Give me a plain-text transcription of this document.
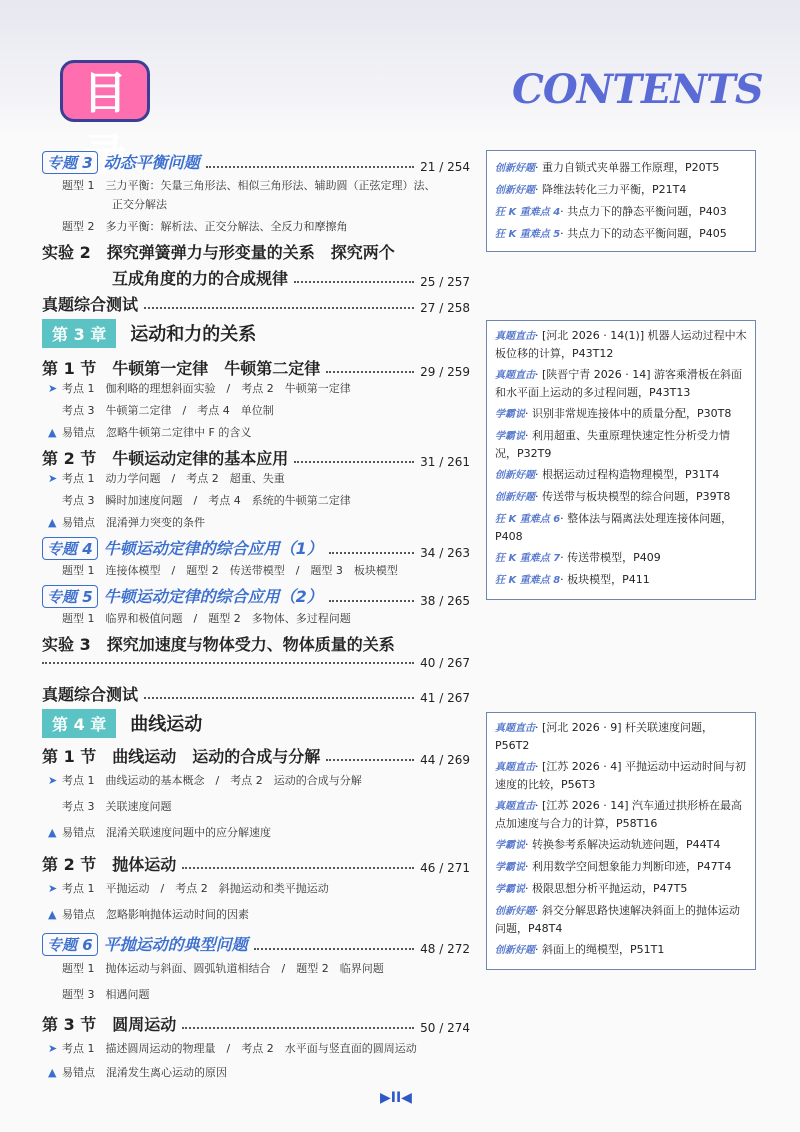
目录
CONTENTS
专题 3 动态平衡问题	21 / 254
题型 1　三力平衡：矢量三角形法、相似三角形法、辅助圆（正弦定理）法、
正交分解法
题型 2　多力平衡：解析法、正交分解法、全反力和摩擦角
实验 2　探究弹簧弹力与形变量的关系　探究两个
互成角度的力的合成规律	25 / 257
真题综合测试	27 / 258
第 3 章	运动和力的关系
第 1 节　牛顿第一定律　牛顿第二定律	29 / 259
➤ 考点 1　伽利略的理想斜面实验　/　考点 2　牛顿第一定律
考点 3　牛顿第二定律　/　考点 4　单位制
▲ 易错点　忽略牛顿第二定律中 F 的含义
第 2 节　牛顿运动定律的基本应用	31 / 261
➤ 考点 1　动力学问题　/　考点 2　超重、失重
考点 3　瞬时加速度问题　/　考点 4　系统的牛顿第二定律
▲ 易错点　混淆弹力突变的条件
专题 4 牛顿运动定律的综合应用（1）	34 / 263
题型 1　连接体模型　/　题型 2　传送带模型　/　题型 3　板块模型
专题 5 牛顿运动定律的综合应用（2）	38 / 265
题型 1　临界和极值问题　/　题型 2　多物体、多过程问题
实验 3　探究加速度与物体受力、物体质量的关系
40 / 267
真题综合测试	41 / 267
第 4 章	曲线运动
第 1 节　曲线运动　运动的合成与分解	44 / 269
➤ 考点 1　曲线运动的基本概念　/　考点 2　运动的合成与分解
考点 3　关联速度问题
▲ 易错点　混淆关联速度问题中的应分解速度
第 2 节　抛体运动	46 / 271
➤ 考点 1　平抛运动　/　考点 2　斜抛运动和类平抛运动
▲ 易错点　忽略影响抛体运动时间的因素
专题 6 平抛运动的典型问题	48 / 272
题型 1　抛体运动与斜面、圆弧轨道相结合　/　题型 2　临界问题
题型 3　相遇问题
第 3 节　圆周运动	50 / 274
➤ 考点 1　描述圆周运动的物理量　/　考点 2　水平面与竖直面的圆周运动
▲ 易错点　混淆发生离心运动的原因
创新好题· 重力自锁式夹单器工作原理，P20T5
创新好题· 降维法转化三力平衡，P21T4
狂 K 重难点 4· 共点力下的静态平衡问题，P403
狂 K 重难点 5· 共点力下的动态平衡问题，P405
真题直击· [河北 2026 · 14(1)] 机器人运动过程中木板位移的计算，P43T12
真题直击· [陕晋宁青 2026 · 14] 游客乘滑板在斜面和水平面上运动的多过程问题，P43T13
学霸说· 识别非常规连接体中的质量分配，P30T8
学霸说· 利用超重、失重原理快速定性分析受力情况，P32T9
创新好题· 根据运动过程构造物理模型，P31T4
创新好题· 传送带与板块模型的综合问题，P39T8
狂 K 重难点 6· 整体法与隔离法处理连接体问题，P408
狂 K 重难点 7· 传送带模型，P409
狂 K 重难点 8· 板块模型，P411
真题直击· [河北 2026 · 9] 杆关联速度问题，P56T2
真题直击· [江苏 2026 · 4] 平抛运动中运动时间与初速度的比较，P56T3
真题直击· [江苏 2026 · 14] 汽车通过拱形桥在最高点加速度与合力的计算，P58T16
学霸说· 转换参考系解决运动轨迹问题，P44T4
学霸说· 利用数学空间想象能力判断印迹，P47T4
学霸说· 极限思想分析平抛运动，P47T5
创新好题· 斜交分解思路快速解决斜面上的抛体运动问题，P48T4
创新好题· 斜面上的绳模型，P51T1
▶II◀
